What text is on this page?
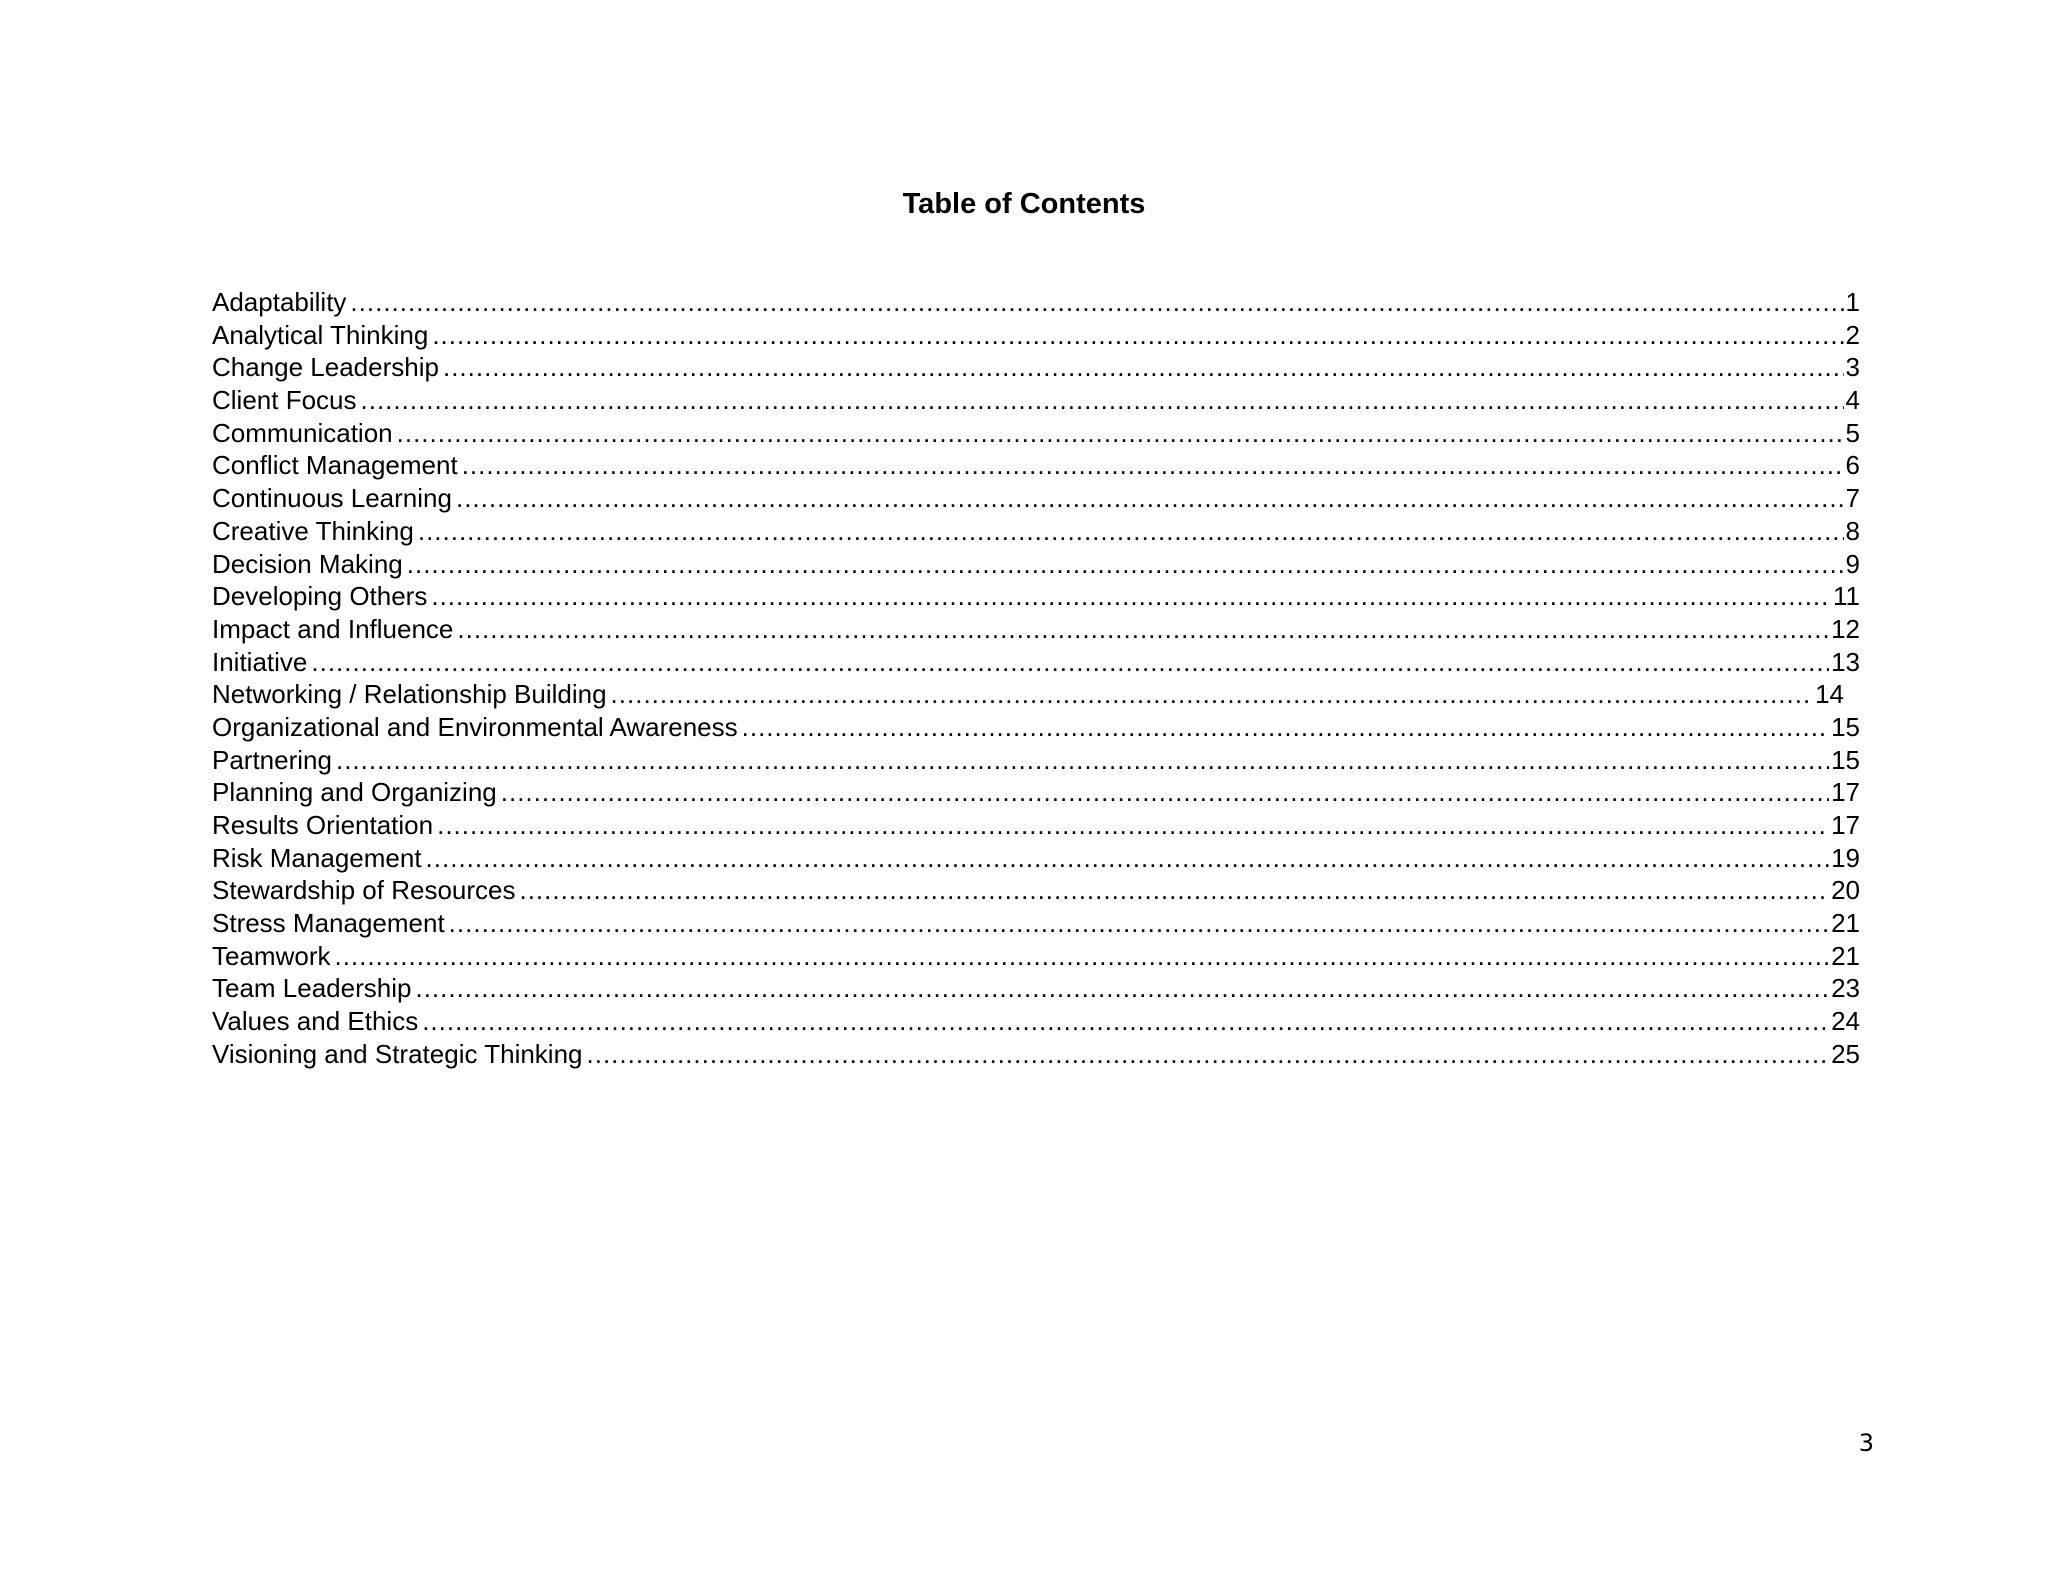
Table of Contents
Adaptability .....	1
Analytical Thinking .....	2
Change Leadership .....	3
Client Focus .....	4
Communication .....	5
Conflict Management .....	6
Continuous Learning .....	7
Creative Thinking .....	8
Decision Making .....	9
Developing Others .....	11
Impact and Influence .....	12
Initiative .....	13
Networking / Relationship Building .....	14
Organizational and Environmental Awareness .....	15
Partnering .....	15
Planning and Organizing .....	17
Results Orientation .....	17
Risk Management .....	19
Stewardship of Resources .....	20
Stress Management .....	21
Teamwork .....	21
Team Leadership .....	23
Values and Ethics .....	24
Visioning and Strategic Thinking .....	25
3
